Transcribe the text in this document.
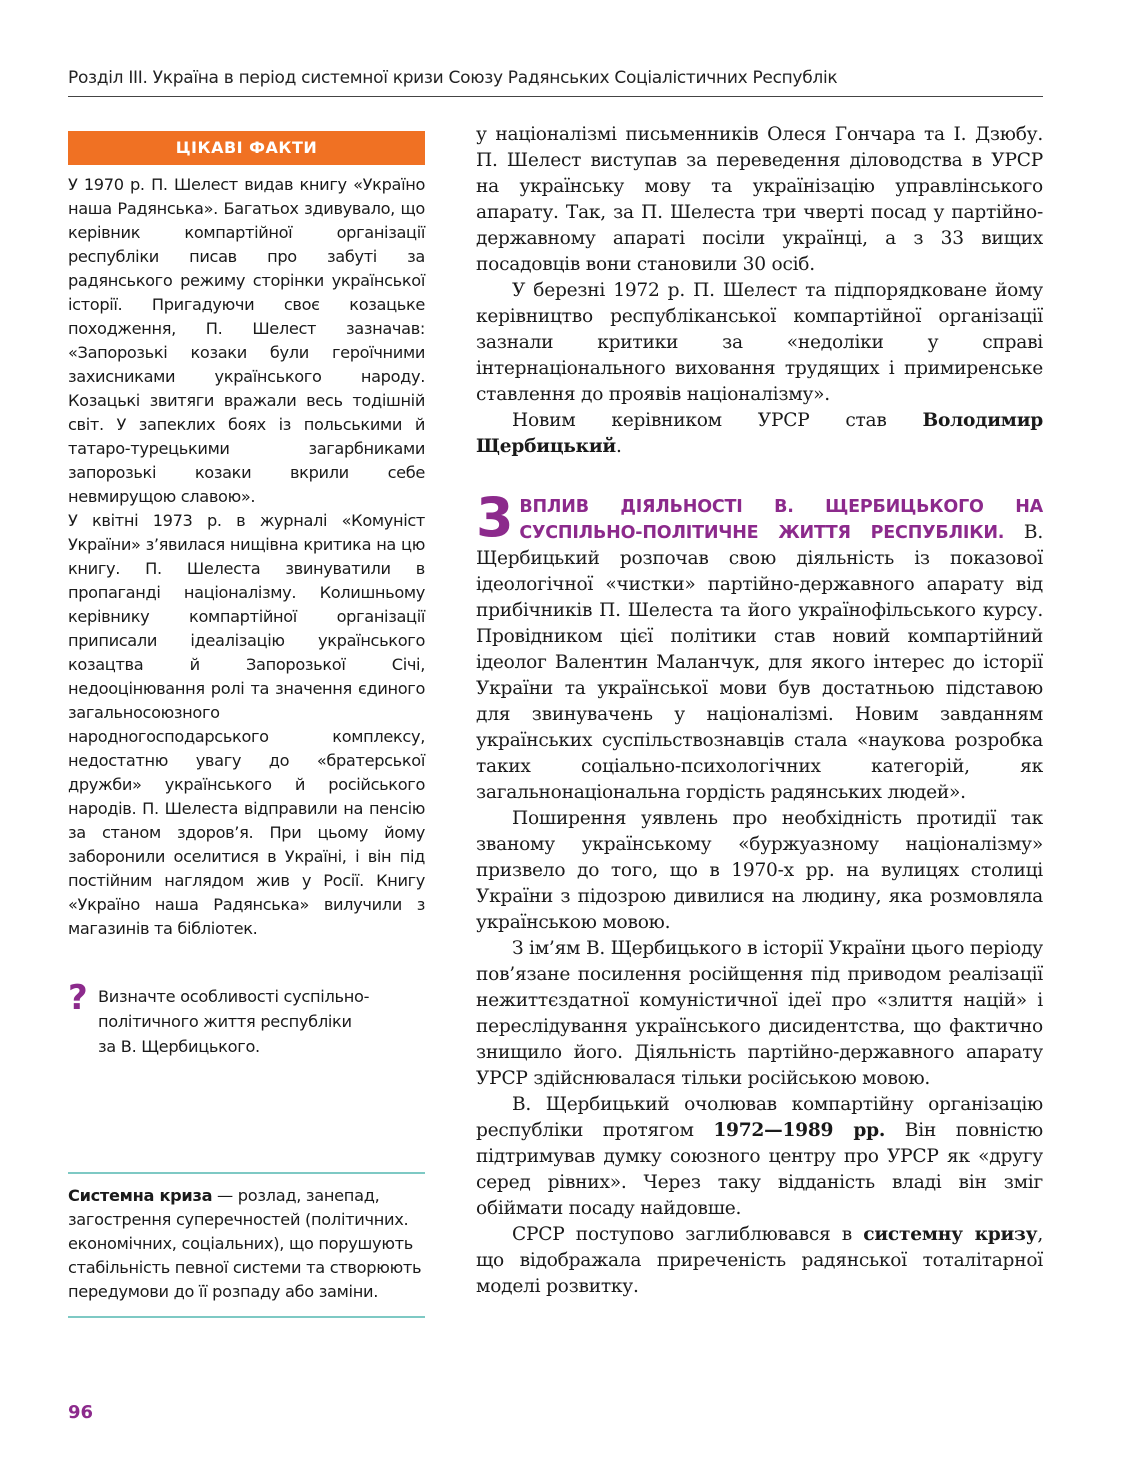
Розділ ІІІ. Україна в період системної кризи Союзу Радянських Соціалістичних Республік
ЦІКАВІ ФАКТИ

У 1970 р. П. Шелест видав книгу «Україно наша Радянська». Багатьох здивувало, що керівник компартійної організації республіки писав про забуті за радянського режиму сторінки української історії. Пригадуючи своє козацьке походження, П. Шелест зазначав: «Запорозькі козаки були героїчними захисниками українського народу. Козацькі звитяги вражали весь тодішній світ. У запеклих боях із польськими й татаро-турецькими загарбниками запорозькі козаки вкрили себе невмирущою славою».

У квітні 1973 р. в журналі «Комуніст України» з’явилася нищівна критика на цю книгу. П. Шелеста звинуватили в пропаганді націоналізму. Колишньому керівнику компартійної організації приписали ідеалізацію українського козацтва й Запорозької Січі, недооцінювання ролі та значення єдиного загальносоюзного народногосподарського комплексу, недостатню увагу до «братерської дружби» українського й російського народів. П. Шелеста відправили на пенсію за станом здоров’я. При цьому йому заборонили оселитися в Україні, і він під постійним наглядом жив у Росії. Книгу «Україно наша Радянська» вилучили з магазинів та бібліотек.

? Визначте особливості суспільно-
політичного життя республіки
за В. Щербицького.
Системна криза — розлад, занепад, загострення суперечностей (політичних. економічних, соціальних), що порушують стабільність певної системи та створюють передумови до її розпаду або заміни.

у націоналізмі письменників Олеся Гончара та І. Дзюбу. П. Шелест виступав за переведення діловодства в УРСР на українську мову та українізацію управлінського апарату. Так, за П. Шелеста три чверті посад у партійно-державному апараті посіли українці, а з 33 вищих посадовців вони становили 30 осіб.

У березні 1972 р. П. Шелест та підпорядковане йому керівництво республіканської компартійної організації зазнали критики за «недоліки у справі інтернаціонального виховання трудящих і примиренське ставлення до проявів націоналізму».

Новим керівником УРСР став Володимир Щербицький.

3 ВПЛИВ ДІЯЛЬНОСТІ В. ЩЕРБИЦЬКОГО НА СУСПІЛЬНО-ПОЛІТИЧНЕ ЖИТТЯ РЕСПУБЛІКИ. В. Щербицький розпочав свою діяльність із показової ідеологічної «чистки» партійно-державного апарату від прибічників П. Шелеста та його українофільського курсу. Провідником цієї політики став новий компартійний ідеолог Валентин Маланчук, для якого інтерес до історії України та української мови був достатньою підставою для звинувачень у націоналізмі. Новим завданням українських суспільствознавців стала «наукова розробка таких соціально-психологічних категорій, як загальнонаціональна гордість радянських людей».

Поширення уявлень про необхідність протидії так званому українському «буржуазному націоналізму» призвело до того, що в 1970-х рр. на вулицях столиці України з підозрою дивилися на людину, яка розмовляла українською мовою.

З ім’ям В. Щербицького в історії України цього періоду пов’язане посилення російщення під приводом реалізації нежиттєздатної комуністичної ідеї про «злиття націй» і переслідування українського дисидентства, що фактично знищило його. Діяльність партійно-державного апарату УРСР здійснювалася тільки російською мовою.

В. Щербицький очолював компартійну організацію республіки протягом 1972—1989 рр. Він повністю підтримував думку союзного центру про УРСР як «другу серед рівних». Через таку відданість владі він зміг обіймати посаду найдовше.

СРСР поступово заглиблювався в системну кризу, що відображала приреченість радянської тоталітарної моделі розвитку.

96
